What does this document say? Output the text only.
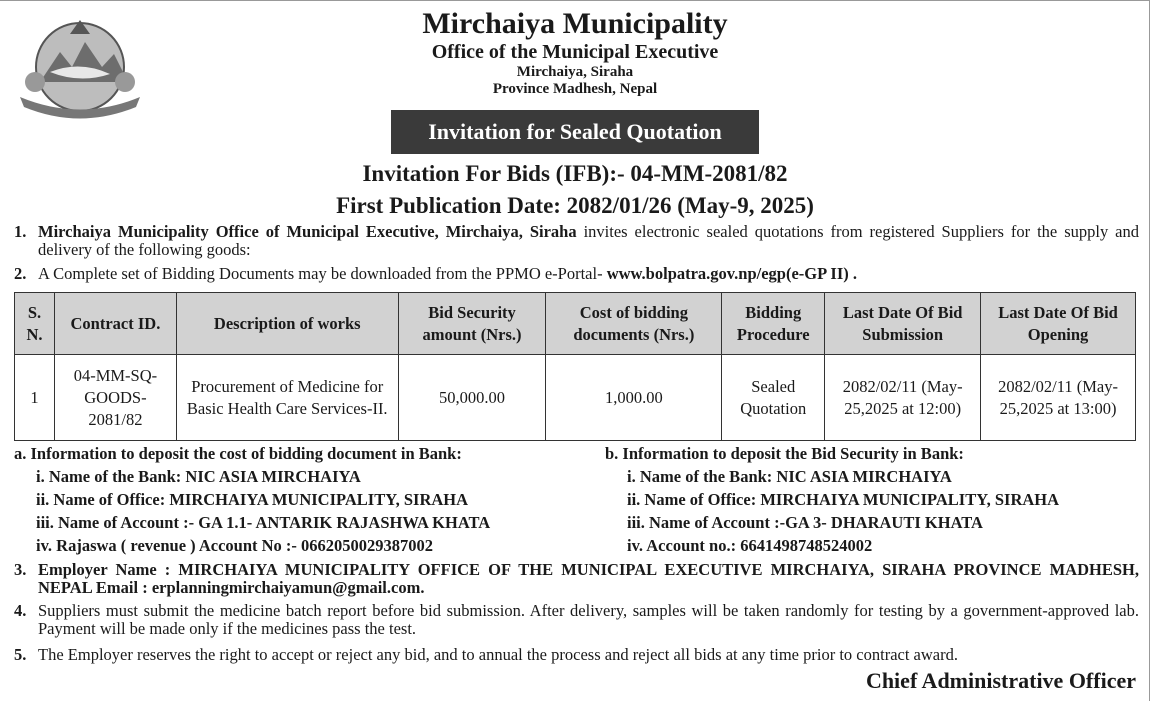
Mirchaiya Municipality
Office of the Municipal Executive
Mirchaiya, Siraha
Province Madhesh, Nepal
Invitation for Sealed Quotation
Invitation For Bids (IFB):- 04-MM-2081/82
First Publication Date: 2082/01/26 (May-9, 2025)
1. Mirchaiya Municipality Office of Municipal Executive, Mirchaiya, Siraha invites electronic sealed quotations from registered Suppliers for the supply and delivery of the following goods:
2. A Complete set of Bidding Documents may be downloaded from the PPMO e-Portal- www.bolpatra.gov.np/egp(e-GP II) .
S. N.	Contract ID.	Description of works	Bid Security amount (Nrs.)	Cost of bidding documents (Nrs.)	Bidding Procedure	Last Date Of Bid Submission	Last Date Of Bid Opening
1	04-MM-SQ-GOODS-2081/82	Procurement of Medicine for Basic Health Care Services-II.	50,000.00	1,000.00	Sealed Quotation	2082/02/11 (May-25,2025 at 12:00)	2082/02/11 (May-25,2025 at 13:00)
a. Information to deposit the cost of bidding document in Bank:
i. Name of the Bank: NIC ASIA MIRCHAIYA
ii. Name of Office: MIRCHAIYA MUNICIPALITY, SIRAHA
iii. Name of Account :- GA 1.1- ANTARIK RAJASHWA KHATA
iv. Rajaswa ( revenue ) Account No :- 0662050029387002
b. Information to deposit the Bid Security in Bank:
i. Name of the Bank: NIC ASIA MIRCHAIYA
ii. Name of Office: MIRCHAIYA MUNICIPALITY, SIRAHA
iii. Name of Account :-GA 3- DHARAUTI KHATA
iv. Account no.: 6641498748524002
3. Employer Name : MIRCHAIYA MUNICIPALITY OFFICE OF THE MUNICIPAL EXECUTIVE MIRCHAIYA, SIRAHA PROVINCE MADHESH, NEPAL Email : erplanningmirchaiyamun@gmail.com.
4. Suppliers must submit the medicine batch report before bid submission. After delivery, samples will be taken randomly for testing by a government-approved lab. Payment will be made only if the medicines pass the test.
5. The Employer reserves the right to accept or reject any bid, and to annual the process and reject all bids at any time prior to contract award.
Chief Administrative Officer
